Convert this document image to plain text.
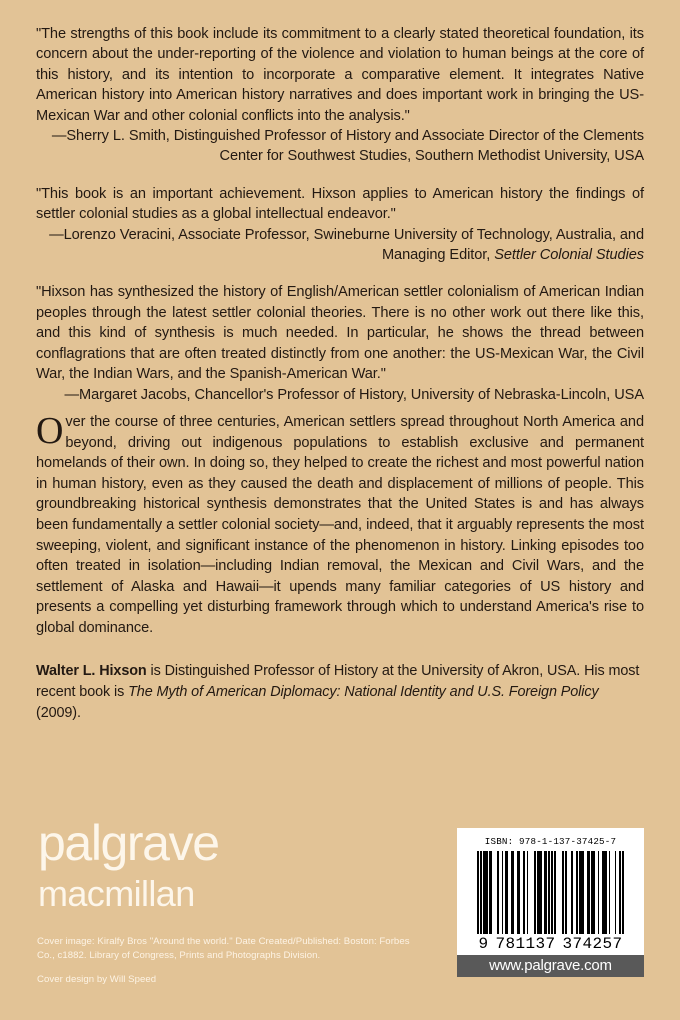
"The strengths of this book include its commitment to a clearly stated theoretical foundation, its concern about the under-reporting of the violence and violation to human beings at the core of this history, and its intention to incorporate a comparative element. It integrates Native American history into American history narratives and does important work in bringing the US-Mexican War and other colonial conflicts into the analysis."
—Sherry L. Smith, Distinguished Professor of History and Associate Director of the Clements Center for Southwest Studies, Southern Methodist University, USA
"This book is an important achievement. Hixson applies to American history the findings of settler colonial studies as a global intellectual endeavor."
—Lorenzo Veracini, Associate Professor, Swineburne University of Technology, Australia, and Managing Editor, Settler Colonial Studies
"Hixson has synthesized the history of English/American settler colonialism of American Indian peoples through the latest settler colonial theories. There is no other work out there like this, and this kind of synthesis is much needed. In particular, he shows the thread between conflagrations that are often treated distinctly from one another: the US-Mexican War, the Civil War, the Indian Wars, and the Spanish-American War."
—Margaret Jacobs, Chancellor's Professor of History, University of Nebraska-Lincoln, USA
Over the course of three centuries, American settlers spread throughout North America and beyond, driving out indigenous populations to establish exclusive and permanent homelands of their own. In doing so, they helped to create the richest and most powerful nation in human history, even as they caused the death and displacement of millions of people. This groundbreaking historical synthesis demonstrates that the United States is and has always been fundamentally a settler colonial society—and, indeed, that it arguably represents the most sweeping, violent, and significant instance of the phenomenon in history. Linking episodes too often treated in isolation—including Indian removal, the Mexican and Civil Wars, and the settlement of Alaska and Hawaii—it upends many familiar categories of US history and presents a compelling yet disturbing framework through which to understand America's rise to global dominance.
Walter L. Hixson is Distinguished Professor of History at the University of Akron, USA. His most recent book is The Myth of American Diplomacy: National Identity and U.S. Foreign Policy (2009).
palgrave
macmillan
Cover image: Kiralfy Bros "Around the world." Date Created/Published: Boston: Forbes Co., c1882. Library of Congress, Prints and Photographs Division.
Cover design by Will Speed
ISBN: 978-1-137-37425-7
9 781137 374257
www.palgrave.com
